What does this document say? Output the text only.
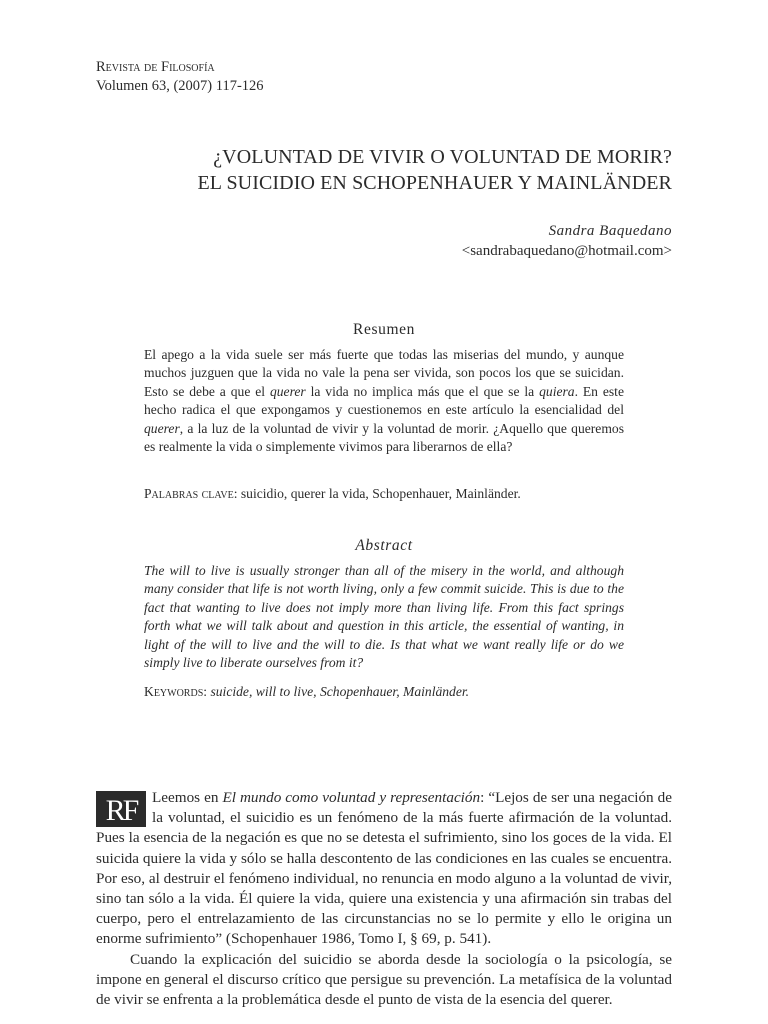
Revista de Filosofía
Volumen 63, (2007) 117-126
¿VOLUNTAD DE VIVIR O VOLUNTAD DE MORIR?
EL SUICIDIO EN SCHOPENHAUER Y MAINLÄNDER
Sandra Baquedano
<sandrabaquedano@hotmail.com>
Resumen
El apego a la vida suele ser más fuerte que todas las miserias del mundo, y aunque muchos juzguen que la vida no vale la pena ser vivida, son pocos los que se suicidan. Esto se debe a que el querer la vida no implica más que el que se la quiera. En este hecho radica el que expongamos y cuestionemos en este artículo la esencialidad del querer, a la luz de la voluntad de vivir y la voluntad de morir. ¿Aquello que queremos es realmente la vida o simplemente vivimos para liberarnos de ella?
Palabras clave: suicidio, querer la vida, Schopenhauer, Mainländer.
Abstract
The will to live is usually stronger than all of the misery in the world, and although many consider that life is not worth living, only a few commit suicide. This is due to the fact that wanting to live does not imply more than living life. From this fact springs forth what we will talk about and question in this article, the essential of wanting, in light of the will to live and the will to die. Is that what we want really life or do we simply live to liberate ourselves from it?
Keywords: suicide, will to live, Schopenhauer, Mainländer.

RF Leemos en El mundo como voluntad y representación: “Lejos de ser una negación de la voluntad, el suicidio es un fenómeno de la más fuerte afirmación de la voluntad. Pues la esencia de la negación es que no se detesta el sufrimiento, sino los goces de la vida. El suicida quiere la vida y sólo se halla descontento de las condiciones en las cuales se encuentra. Por eso, al destruir el fenómeno individual, no renuncia en modo alguno a la voluntad de vivir, sino tan sólo a la vida. Él quiere la vida, quiere una existencia y una afirmación sin trabas del cuerpo, pero el entrelazamiento de las circunstancias no se lo permite y ello le origina un enorme sufrimiento” (Schopenhauer 1986, Tomo I, § 69, p. 541).

Cuando la explicación del suicidio se aborda desde la sociología o la psicología, se impone en general el discurso crítico que persigue su prevención. La metafísica de la voluntad de vivir se enfrenta a la problemática desde el punto de vista de la esencia del querer.
